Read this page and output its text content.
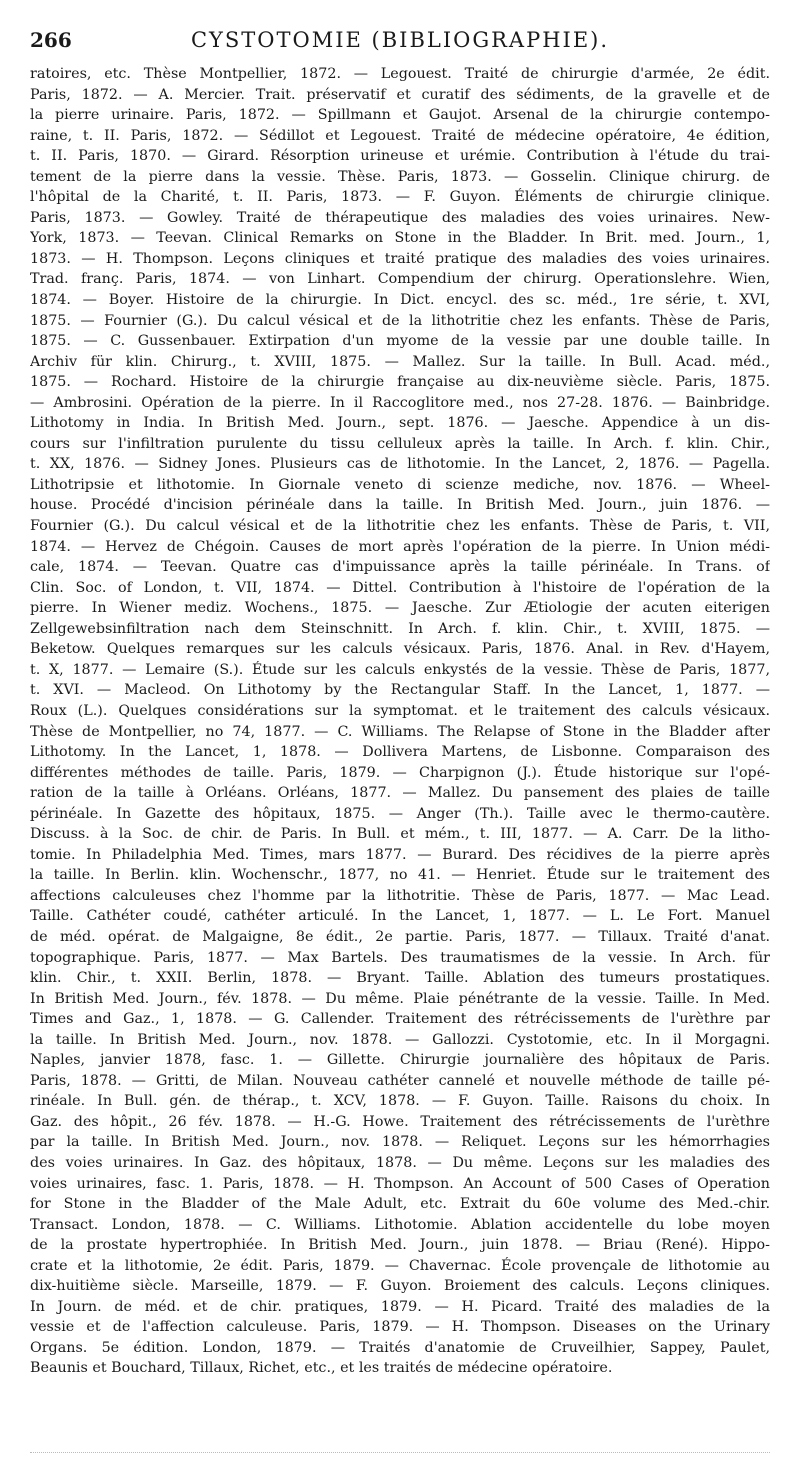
266	CYSTOTOMIE (BIBLIOGRAPHIE).
ratoires, etc. Thèse Montpellier, 1872. — Legouest. Traité de chirurgie d'armée, 2e édit.
Paris, 1872. — A. Mercier. Trait. préservatif et curatif des sédiments, de la gravelle et de
la pierre urinaire. Paris, 1872. — Spillmann et Gaujot. Arsenal de la chirurgie contempo-
raine, t. II. Paris, 1872. — Sédillot et Legouest. Traité de médecine opératoire, 4e édition,
t. II. Paris, 1870. — Girard. Résorption urineuse et urémie. Contribution à l'étude du trai-
tement de la pierre dans la vessie. Thèse. Paris, 1873. — Gosselin. Clinique chirurg. de
l'hôpital de la Charité, t. II. Paris, 1873. — F. Guyon. Éléments de chirurgie clinique.
Paris, 1873. — Gowley. Traité de thérapeutique des maladies des voies urinaires. New-
York, 1873. — Teevan. Clinical Remarks on Stone in the Bladder. In Brit. med. Journ., 1,
1873. — H. Thompson. Leçons cliniques et traité pratique des maladies des voies urinaires.
Trad. franç. Paris, 1874. — von Linhart. Compendium der chirurg. Operationslehre. Wien,
1874. — Boyer. Histoire de la chirurgie. In Dict. encycl. des sc. méd., 1re série, t. XVI,
1875. — Fournier (G.). Du calcul vésical et de la lithotritie chez les enfants. Thèse de Paris,
1875. — C. Gussenbauer. Extirpation d'un myome de la vessie par une double taille. In
Archiv für klin. Chirurg., t. XVIII, 1875. — Mallez. Sur la taille. In Bull. Acad. méd.,
1875. — Rochard. Histoire de la chirurgie française au dix-neuvième siècle. Paris, 1875.
— Ambrosini. Opération de la pierre. In il Raccoglitore med., nos 27-28. 1876. — Bainbridge.
Lithotomy in India. In British Med. Journ., sept. 1876. — Jaesche. Appendice à un dis-
cours sur l'infiltration purulente du tissu celluleux après la taille. In Arch. f. klin. Chir.,
t. XX, 1876. — Sidney Jones. Plusieurs cas de lithotomie. In the Lancet, 2, 1876. — Pagella.
Lithotripsie et lithotomie. In Giornale veneto di scienze mediche, nov. 1876. — Wheel-
house. Procédé d'incision périnéale dans la taille. In British Med. Journ., juin 1876. —
Fournier (G.). Du calcul vésical et de la lithotritie chez les enfants. Thèse de Paris, t. VII,
1874. — Hervez de Chégoin. Causes de mort après l'opération de la pierre. In Union médi-
cale, 1874. — Teevan. Quatre cas d'impuissance après la taille périnéale. In Trans. of
Clin. Soc. of London, t. VII, 1874. — Dittel. Contribution à l'histoire de l'opération de la
pierre. In Wiener mediz. Wochens., 1875. — Jaesche. Zur Ætiologie der acuten eiterigen
Zellgewebsinfiltration nach dem Steinschnitt. In Arch. f. klin. Chir., t. XVIII, 1875. —
Beketow. Quelques remarques sur les calculs vésicaux. Paris, 1876. Anal. in Rev. d'Hayem,
t. X, 1877. — Lemaire (S.). Étude sur les calculs enkystés de la vessie. Thèse de Paris, 1877,
t. XVI. — Macleod. On Lithotomy by the Rectangular Staff. In the Lancet, 1, 1877. —
Roux (L.). Quelques considérations sur la symptomat. et le traitement des calculs vésicaux.
Thèse de Montpellier, no 74, 1877. — C. Williams. The Relapse of Stone in the Bladder after
Lithotomy. In the Lancet, 1, 1878. — Dollivera Martens, de Lisbonne. Comparaison des
différentes méthodes de taille. Paris, 1879. — Charpignon (J.). Étude historique sur l'opé-
ration de la taille à Orléans. Orléans, 1877. — Mallez. Du pansement des plaies de taille
périnéale. In Gazette des hôpitaux, 1875. — Anger (Th.). Taille avec le thermo-cautère.
Discuss. à la Soc. de chir. de Paris. In Bull. et mém., t. III, 1877. — A. Carr. De la litho-
tomie. In Philadelphia Med. Times, mars 1877. — Burard. Des récidives de la pierre après
la taille. In Berlin. klin. Wochenschr., 1877, no 41. — Henriet. Étude sur le traitement des
affections calculeuses chez l'homme par la lithotritie. Thèse de Paris, 1877. — Mac Lead.
Taille. Cathéter coudé, cathéter articulé. In the Lancet, 1, 1877. — L. Le Fort. Manuel
de méd. opérat. de Malgaigne, 8e édit., 2e partie. Paris, 1877. — Tillaux. Traité d'anat.
topographique. Paris, 1877. — Max Bartels. Des traumatismes de la vessie. In Arch. für
klin. Chir., t. XXII. Berlin, 1878. — Bryant. Taille. Ablation des tumeurs prostatiques.
In British Med. Journ., fév. 1878. — Du même. Plaie pénétrante de la vessie. Taille. In Med.
Times and Gaz., 1, 1878. — G. Callender. Traitement des rétrécissements de l'urèthre par
la taille. In British Med. Journ., nov. 1878. — Gallozzi. Cystotomie, etc. In il Morgagni.
Naples, janvier 1878, fasc. 1. — Gillette. Chirurgie journalière des hôpitaux de Paris.
Paris, 1878. — Gritti, de Milan. Nouveau cathéter cannelé et nouvelle méthode de taille pé-
rinéale. In Bull. gén. de thérap., t. XCV, 1878. — F. Guyon. Taille. Raisons du choix. In
Gaz. des hôpit., 26 fév. 1878. — H.-G. Howe. Traitement des rétrécissements de l'urèthre
par la taille. In British Med. Journ., nov. 1878. — Reliquet. Leçons sur les hémorrhagies
des voies urinaires. In Gaz. des hôpitaux, 1878. — Du même. Leçons sur les maladies des
voies urinaires, fasc. 1. Paris, 1878. — H. Thompson. An Account of 500 Cases of Operation
for Stone in the Bladder of the Male Adult, etc. Extrait du 60e volume des Med.-chir.
Transact. London, 1878. — C. Williams. Lithotomie. Ablation accidentelle du lobe moyen
de la prostate hypertrophiée. In British Med. Journ., juin 1878. — Briau (René). Hippo-
crate et la lithotomie, 2e édit. Paris, 1879. — Chavernac. École provençale de lithotomie au
dix-huitième siècle. Marseille, 1879. — F. Guyon. Broiement des calculs. Leçons cliniques.
In Journ. de méd. et de chir. pratiques, 1879. — H. Picard. Traité des maladies de la
vessie et de l'affection calculeuse. Paris, 1879. — H. Thompson. Diseases on the Urinary
Organs. 5e édition. London, 1879. — Traités d'anatomie de Cruveilhier, Sappey, Paulet,
Beaunis et Bouchard, Tillaux, Richet, etc., et les traités de médecine opératoire.
